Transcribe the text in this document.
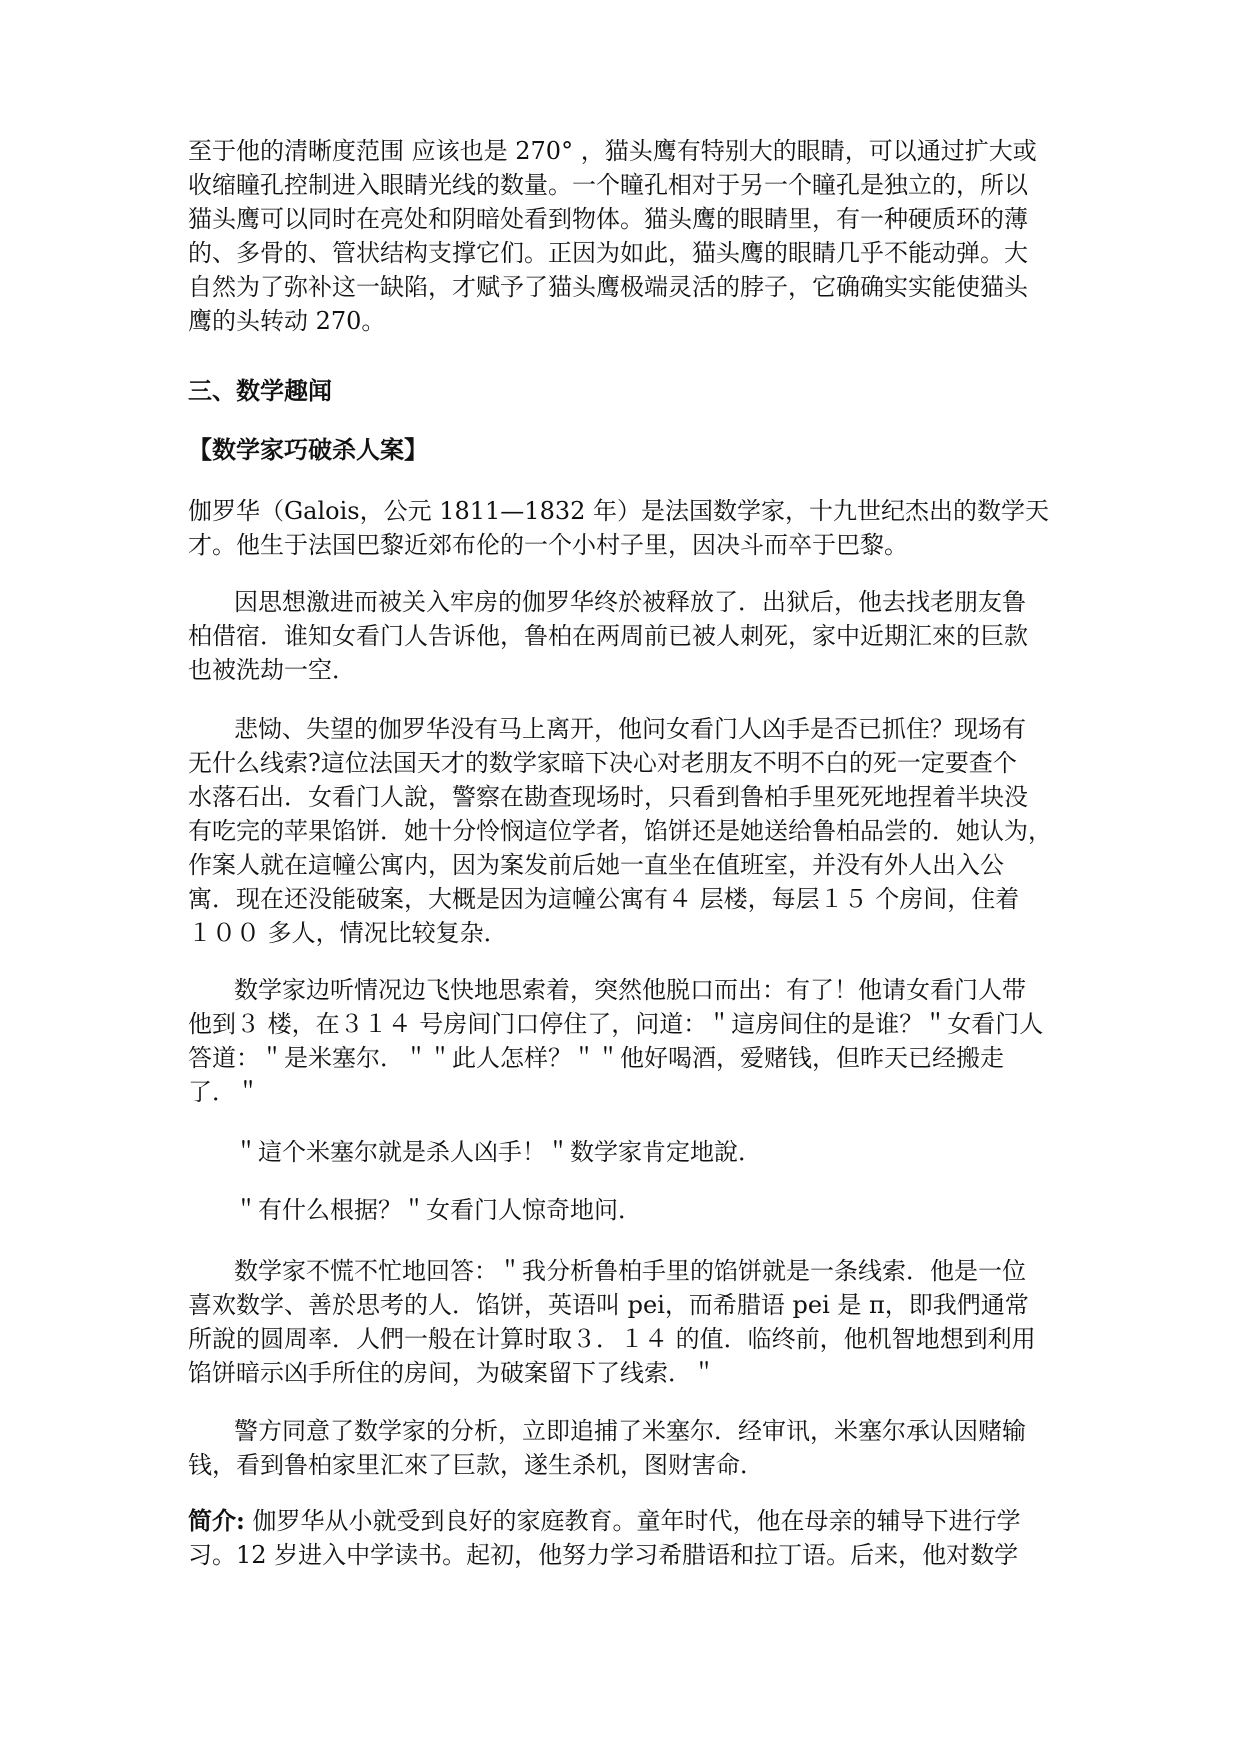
至于他的清晰度范围 应该也是 270° ，猫头鹰有特别大的眼睛，可以通过扩大或
收缩瞳孔控制进入眼睛光线的数量。一个瞳孔相对于另一个瞳孔是独立的，所以
猫头鹰可以同时在亮处和阴暗处看到物体。猫头鹰的眼睛里，有一种硬质环的薄
的、多骨的、管状结构支撑它们。正因为如此，猫头鹰的眼睛几乎不能动弹。大
自然为了弥补这一缺陷，才赋予了猫头鹰极端灵活的脖子，它确确实实能使猫头
鹰的头转动 270。

三、数学趣闻

【数学家巧破杀人案】

伽罗华（Galois，公元 1811—1832 年）是法国数学家，十九世纪杰出的数学天
才。他生于法国巴黎近郊布伦的一个小村子里，因决斗而卒于巴黎。

因思想激进而被关入牢房的伽罗华终於被释放了．出狱后，他去找老朋友鲁
柏借宿．谁知女看门人告诉他，鲁柏在两周前已被人刺死，家中近期汇來的巨款
也被洗劫一空．

悲恸、失望的伽罗华没有马上离开，他问女看门人凶手是否已抓住？现场有
无什么线索?這位法国天才的数学家暗下决心对老朋友不明不白的死一定要查个
水落石出．女看门人說，警察在勘查现场时，只看到鲁柏手里死死地捏着半块没
有吃完的苹果馅饼．她十分怜悯這位学者，馅饼还是她送给鲁柏品尝的．她认为，
作案人就在這幢公寓内，因为案发前后她一直坐在值班室，并没有外人出入公
寓．现在还没能破案，大概是因为這幢公寓有４ 层楼，每层１５ 个房间，住着
１００ 多人，情况比较复杂．

数学家边听情况边飞快地思索着，突然他脱口而出：有了！他请女看门人带
他到３ 楼，在３１４ 号房间门口停住了，问道：＂這房间住的是谁？＂女看门人
答道：＂是米塞尔．＂＂此人怎样？＂＂他好喝酒，爱赌钱，但昨天已经搬走
了．＂

＂這个米塞尔就是杀人凶手！＂数学家肯定地說．

＂有什么根据？＂女看门人惊奇地问．

数学家不慌不忙地回答：＂我分析鲁柏手里的馅饼就是一条线索．他是一位
喜欢数学、善於思考的人．馅饼，英语叫 pei，而希腊语 pei 是 π，即我們通常
所說的圆周率．人們一般在计算时取３．１４ 的值．临终前，他机智地想到利用
馅饼暗示凶手所住的房间，为破案留下了线索．＂

警方同意了数学家的分析，立即追捕了米塞尔．经审讯，米塞尔承认因赌输
钱，看到鲁柏家里汇來了巨款，遂生杀机，图财害命．

简介: 伽罗华从小就受到良好的家庭教育。童年时代，他在母亲的辅导下进行学
习。12 岁进入中学读书。起初，他努力学习希腊语和拉丁语。后来，他对数学
